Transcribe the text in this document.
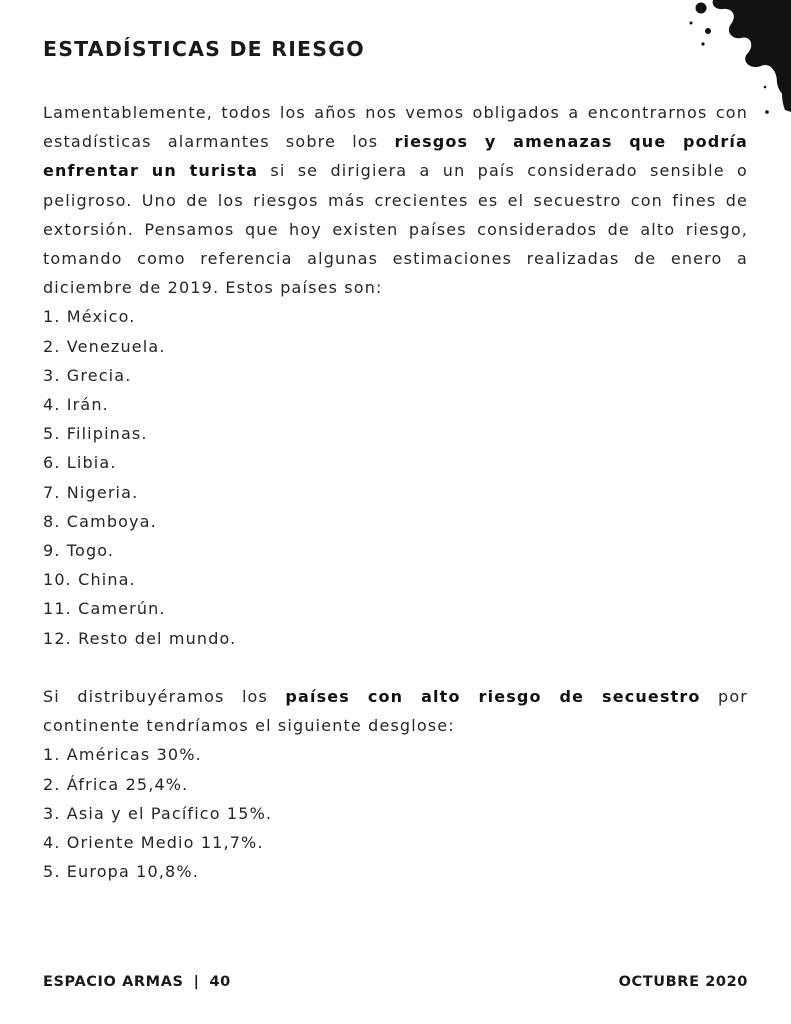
ESTADÍSTICAS DE RIESGO

Lamentablemente, todos los años nos vemos obligados a encontrarnos con estadísticas alarmantes sobre los riesgos y amenazas que podría enfrentar un turista si se dirigiera a un país considerado sensible o peligroso. Uno de los riesgos más crecientes es el secuestro con fines de extorsión. Pensamos que hoy existen países considerados de alto riesgo, tomando como referencia algunas estimaciones realizadas de enero a diciembre de 2019. Estos países son:

1. México.
2. Venezuela.
3. Grecia.
4. Irán.
5. Filipinas.
6. Libia.
7. Nigeria.
8. Camboya.
9. Togo.
10. China.
11. Camerún.
12. Resto del mundo.

Si distribuyéramos los países con alto riesgo de secuestro por continente tendríamos el siguiente desglose:

1. Américas 30%.
2. África 25,4%.
3. Asia y el Pacífico 15%.
4. Oriente Medio 11,7%.
5. Europa 10,8%.
ESPACIO ARMAS | 40	OCTUBRE 2020
